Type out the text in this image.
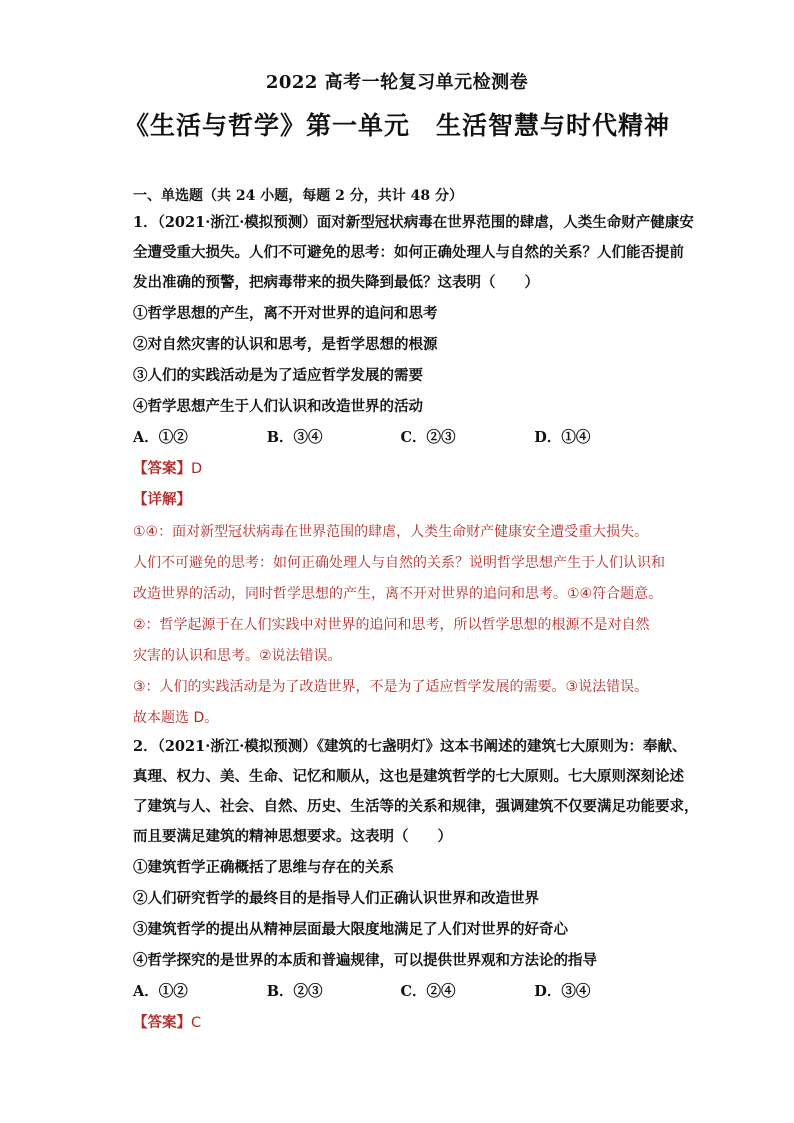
2022 高考一轮复习单元检测卷
《生活与哲学》第一单元　生活智慧与时代精神
一、单选题（共 24 小题，每题 2 分，共计 48 分）
1．（2021·浙江·模拟预测）面对新型冠状病毒在世界范围的肆虐，人类生命财产健康安
全遭受重大损失。人们不可避免的思考：如何正确处理人与自然的关系？人们能否提前
发出准确的预警，把病毒带来的损失降到最低？这表明（　　）
①哲学思想的产生，离不开对世界的追问和思考
②对自然灾害的认识和思考，是哲学思想的根源
③人们的实践活动是为了适应哲学发展的需要
④哲学思想产生于人们认识和改造世界的活动
A．①②	B．③④	C．②③	D．①④
【答案】 D
【详解】
①④：面对新型冠状病毒在世界范围的肆虐，人类生命财产健康安全遭受重大损失。
人们不可避免的思考：如何正确处理人与自然的关系？说明哲学思想产生于人们认识和
改造世界的活动，同时哲学思想的产生，离不开对世界的追问和思考。①④符合题意。
②：哲学起源于在人们实践中对世界的追问和思考，所以哲学思想的根源不是对自然
灾害的认识和思考。②说法错误。
③：人们的实践活动是为了改造世界，不是为了适应哲学发展的需要。③说法错误。
故本题选 D。
2．（2021·浙江·模拟预测）《建筑的七盏明灯》这本书阐述的建筑七大原则为：奉献、
真理、权力、美、生命、记忆和顺从，这也是建筑哲学的七大原则。七大原则深刻论述
了建筑与人、社会、自然、历史、生活等的关系和规律，强调建筑不仅要满足功能要求，
而且要满足建筑的精神思想要求。这表明（　　）
①建筑哲学正确概括了思维与存在的关系
②人们研究哲学的最终目的是指导人们正确认识世界和改造世界
③建筑哲学的提出从精神层面最大限度地满足了人们对世界的好奇心
④哲学探究的是世界的本质和普遍规律，可以提供世界观和方法论的指导
A．①②	B．②③	C．②④	D．③④
【答案】 C
